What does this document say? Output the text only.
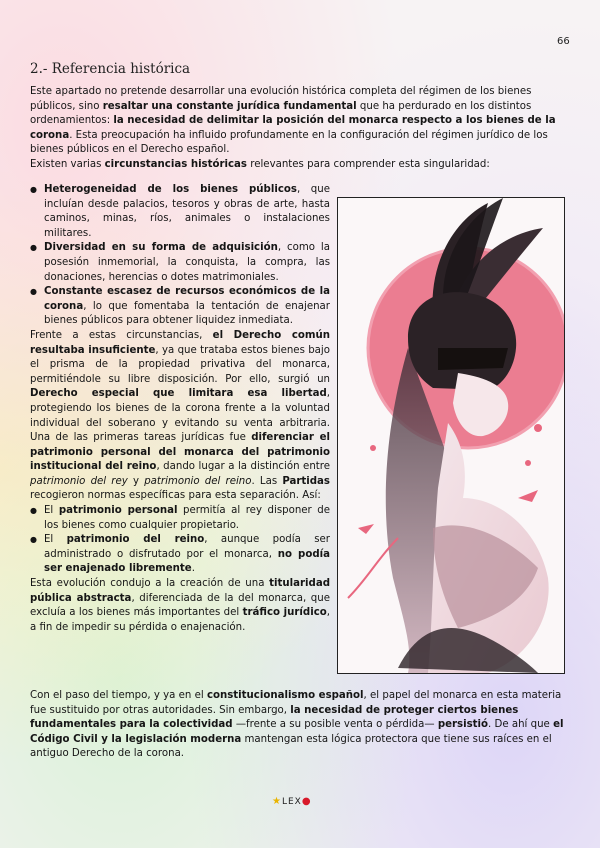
66
2.- Referencia histórica

Este apartado no pretende desarrollar una evolución histórica completa del régimen de los bienes públicos, sino resaltar una constante jurídica fundamental que ha perdurado en los distintos ordenamientos: la necesidad de delimitar la posición del monarca respecto a los bienes de la corona. Esta preocupación ha influido profundamente en la configuración del régimen jurídico de los bienes públicos en el Derecho español.

Existen varias circunstancias históricas relevantes para comprender esta singularidad:

● Heterogeneidad de los bienes públicos, que incluían desde palacios, tesoros y obras de arte, hasta caminos, minas, ríos, animales o instalaciones militares.
● Diversidad en su forma de adquisición, como la posesión inmemorial, la conquista, la compra, las donaciones, herencias o dotes matrimoniales.
● Constante escasez de recursos económicos de la corona, lo que fomentaba la tentación de enajenar bienes públicos para obtener liquidez inmediata.

Frente a estas circunstancias, el Derecho común resultaba insuficiente, ya que trataba estos bienes bajo el prisma de la propiedad privativa del monarca, permitiéndole su libre disposición. Por ello, surgió un Derecho especial que limitara esa libertad, protegiendo los bienes de la corona frente a la voluntad individual del soberano y evitando su venta arbitraria. Una de las primeras tareas jurídicas fue diferenciar el patrimonio personal del monarca del patrimonio institucional del reino, dando lugar a la distinción entre patrimonio del rey y patrimonio del reino. Las Partidas recogieron normas específicas para esta separación. Así:

● El patrimonio personal permitía al rey disponer de los bienes como cualquier propietario.
● El patrimonio del reino, aunque podía ser administrado o disfrutado por el monarca, no podía ser enajenado libremente.

Esta evolución condujo a la creación de una titularidad pública abstracta, diferenciada de la del monarca, que excluía a los bienes más importantes del tráfico jurídico, a fin de impedir su pérdida o enajenación.

Con el paso del tiempo, y ya en el constitucionalismo español, el papel del monarca en esta materia fue sustituido por otras autoridades. Sin embargo, la necesidad de proteger ciertos bienes fundamentales para la colectividad —frente a su posible venta o pérdida— persistió. De ahí que el Código Civil y la legislación moderna mantengan esta lógica protectora que tiene sus raíces en el antiguo Derecho de la corona.

★LEX●
